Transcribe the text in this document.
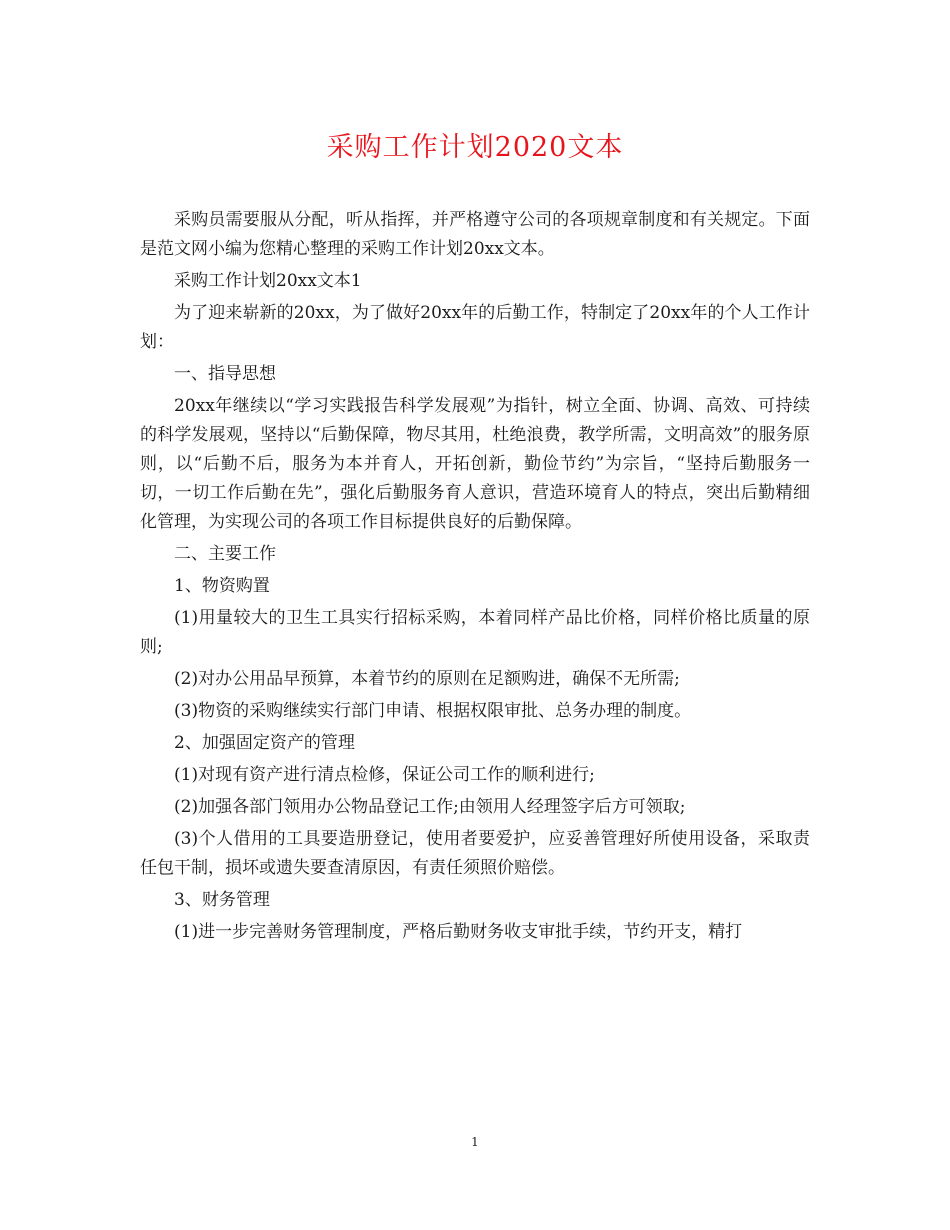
采购工作计划2020文本

采购员需要服从分配，听从指挥，并严格遵守公司的各项规章制度和有关规定。下面是范文网小编为您精心整理的采购工作计划20xx文本。

采购工作计划20xx文本1

为了迎来崭新的20xx，为了做好20xx年的后勤工作，特制定了20xx年的个人工作计划：

一、指导思想

20xx年继续以“学习实践报告科学发展观”为指针，树立全面、协调、高效、可持续的科学发展观，坚持以“后勤保障，物尽其用，杜绝浪费，教学所需，文明高效”的服务原则，以“后勤不后，服务为本并育人，开拓创新，勤俭节约”为宗旨，“坚持后勤服务一切，一切工作后勤在先”，强化后勤服务育人意识，营造环境育人的特点，突出后勤精细化管理，为实现公司的各项工作目标提供良好的后勤保障。

二、主要工作

1、物资购置

(1)用量较大的卫生工具实行招标采购，本着同样产品比价格，同样价格比质量的原则;

(2)对办公用品早预算，本着节约的原则在足额购进，确保不无所需;

(3)物资的采购继续实行部门申请、根据权限审批、总务办理的制度。

2、加强固定资产的管理

(1)对现有资产进行清点检修，保证公司工作的顺利进行;

(2)加强各部门领用办公物品登记工作;由领用人经理签字后方可领取;

(3)个人借用的工具要造册登记，使用者要爱护，应妥善管理好所使用设备，采取责任包干制，损坏或遗失要查清原因，有责任须照价赔偿。

3、财务管理

(1)进一步完善财务管理制度，严格后勤财务收支审批手续，节约开支，精打

1
